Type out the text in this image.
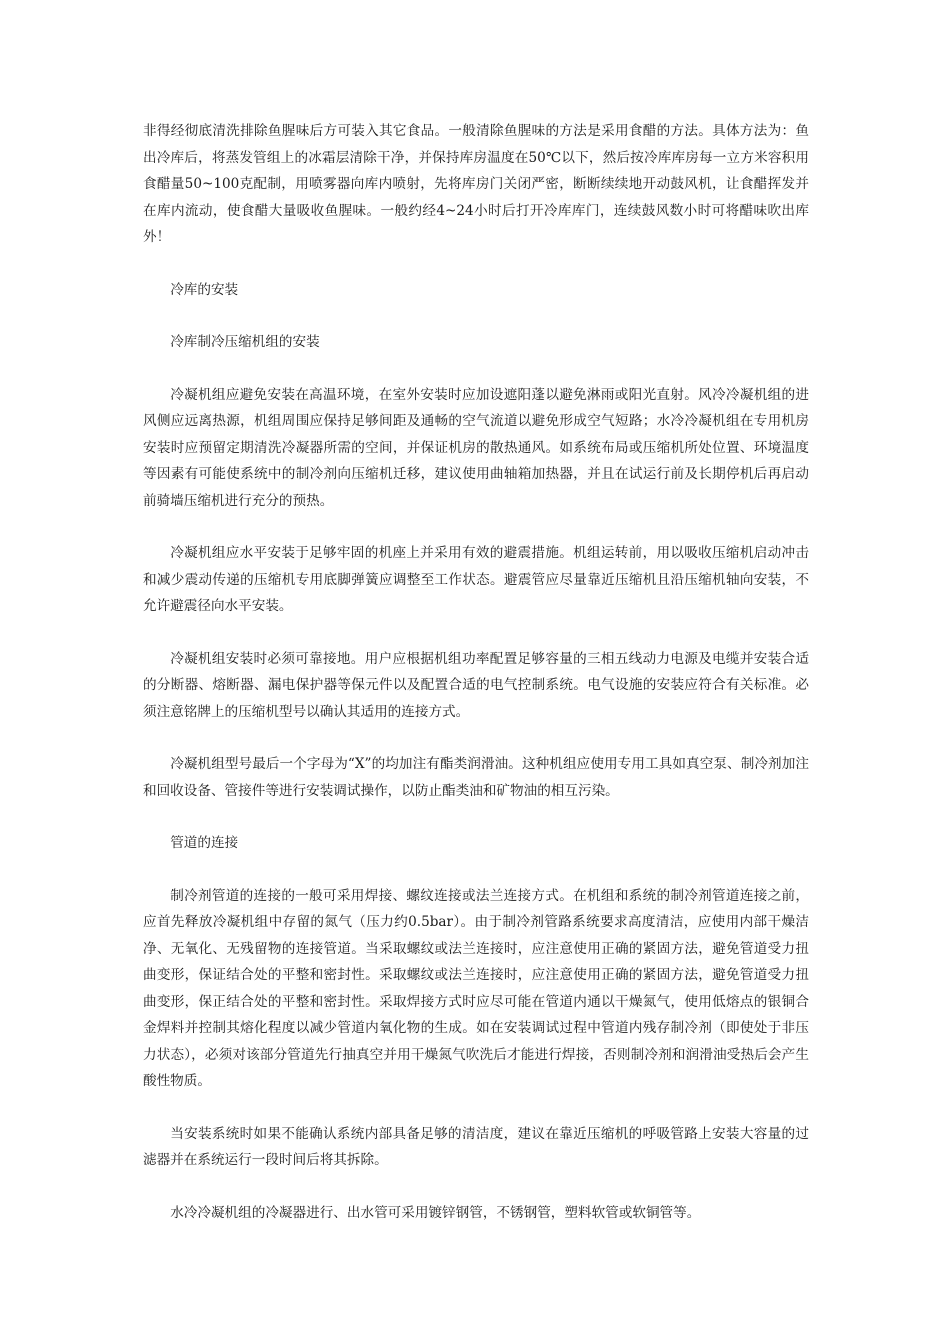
非得经彻底清洗排除鱼腥味后方可装入其它食品。一般清除鱼腥味的方法是采用食醋的方法。具体方法为：鱼出冷库后，将蒸发管组上的冰霜层清除干净，并保持库房温度在50℃以下，然后按冷库库房每一立方米容积用食醋量50~100克配制，用喷雾器向库内喷射，先将库房门关闭严密，断断续续地开动鼓风机，让食醋挥发并在库内流动，使食醋大量吸收鱼腥味。一般约经4~24小时后打开冷库库门，连续鼓风数小时可将醋味吹出库外！

冷库的安装

冷库制冷压缩机组的安装

冷凝机组应避免安装在高温环境，在室外安装时应加设遮阳蓬以避免淋雨或阳光直射。风冷冷凝机组的进风侧应远离热源，机组周围应保持足够间距及通畅的空气流道以避免形成空气短路；水冷冷凝机组在专用机房安装时应预留定期清洗冷凝器所需的空间，并保证机房的散热通风。如系统布局或压缩机所处位置、环境温度等因素有可能使系统中的制冷剂向压缩机迁移，建议使用曲轴箱加热器，并且在试运行前及长期停机后再启动前骑墙压缩机进行充分的预热。

冷凝机组应水平安装于足够牢固的机座上并采用有效的避震措施。机组运转前，用以吸收压缩机启动冲击和减少震动传递的压缩机专用底脚弹簧应调整至工作状态。避震管应尽量靠近压缩机且沿压缩机轴向安装，不允许避震径向水平安装。

冷凝机组安装时必须可靠接地。用户应根据机组功率配置足够容量的三相五线动力电源及电缆并安装合适的分断器、熔断器、漏电保护器等保元件以及配置合适的电气控制系统。电气设施的安装应符合有关标准。必须注意铭牌上的压缩机型号以确认其适用的连接方式。

冷凝机组型号最后一个字母为“X”的均加注有酯类润滑油。这种机组应使用专用工具如真空泵、制冷剂加注和回收设备、管接件等进行安装调试操作，以防止酯类油和矿物油的相互污染。

管道的连接

制冷剂管道的连接的一般可采用焊接、螺纹连接或法兰连接方式。在机组和系统的制冷剂管道连接之前，应首先释放冷凝机组中存留的氮气（压力约0.5bar）。由于制冷剂管路系统要求高度清洁，应使用内部干燥洁净、无氧化、无残留物的连接管道。当采取螺纹或法兰连接时，应注意使用正确的紧固方法，避免管道受力扭曲变形，保证结合处的平整和密封性。采取螺纹或法兰连接时，应注意使用正确的紧固方法，避免管道受力扭曲变形，保正结合处的平整和密封性。采取焊接方式时应尽可能在管道内通以干燥氮气，使用低熔点的银铜合金焊料并控制其熔化程度以减少管道内氧化物的生成。如在安装调试过程中管道内残存制冷剂（即使处于非压力状态），必须对该部分管道先行抽真空并用干燥氮气吹洗后才能进行焊接，否则制冷剂和润滑油受热后会产生酸性物质。

当安装系统时如果不能确认系统内部具备足够的清洁度，建议在靠近压缩机的呼吸管路上安装大容量的过滤器并在系统运行一段时间后将其拆除。

水冷冷凝机组的冷凝器进行、出水管可采用镀锌钢管，不锈钢管，塑料软管或软铜管等。
